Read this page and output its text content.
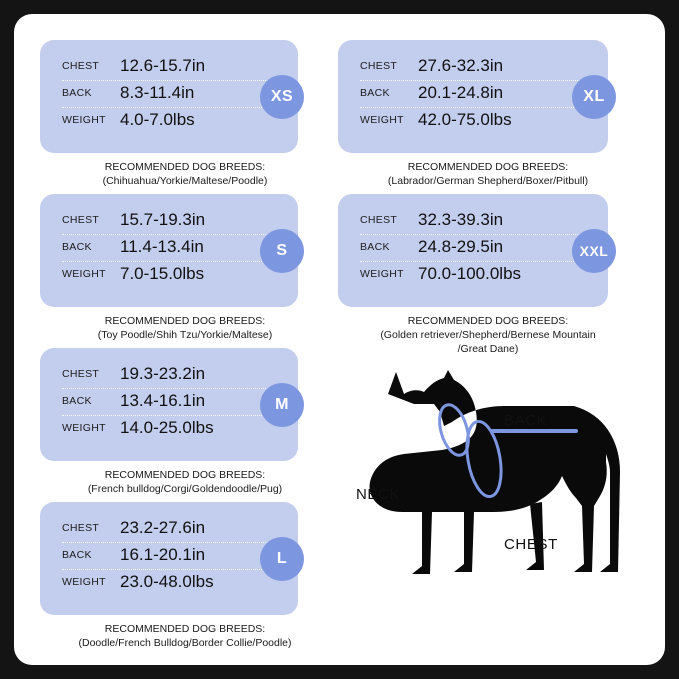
CHEST	12.6-15.7in
BACK	8.3-11.4in
WEIGHT 4.0-7.0lbs
XS
RECOMMENDED DOG BREEDS:
(Chihuahua/Yorkie/Maltese/Poodle)
CHEST	15.7-19.3in
BACK	11.4-13.4in
WEIGHT 7.0-15.0lbs
S
RECOMMENDED DOG BREEDS:
(Toy Poodle/Shih Tzu/Yorkie/Maltese)
CHEST	19.3-23.2in
BACK	13.4-16.1in
WEIGHT 14.0-25.0lbs
M
RECOMMENDED DOG BREEDS:
(French bulldog/Corgi/Goldendoodle/Pug)
CHEST	23.2-27.6in
BACK	16.1-20.1in
WEIGHT 23.0-48.0lbs
L
RECOMMENDED DOG BREEDS:
(Doodle/French Bulldog/Border Collie/Poodle)
CHEST	27.6-32.3in
BACK	20.1-24.8in
WEIGHT 42.0-75.0lbs
XL
RECOMMENDED DOG BREEDS:
(Labrador/German Shepherd/Boxer/Pitbull)
CHEST	32.3-39.3in
BACK	24.8-29.5in
WEIGHT 70.0-100.0lbs
XXL
RECOMMENDED DOG BREEDS:
(Golden retriever/Shepherd/Bernese Mountain
/Great Dane)
BACK
NECK
CHEST
